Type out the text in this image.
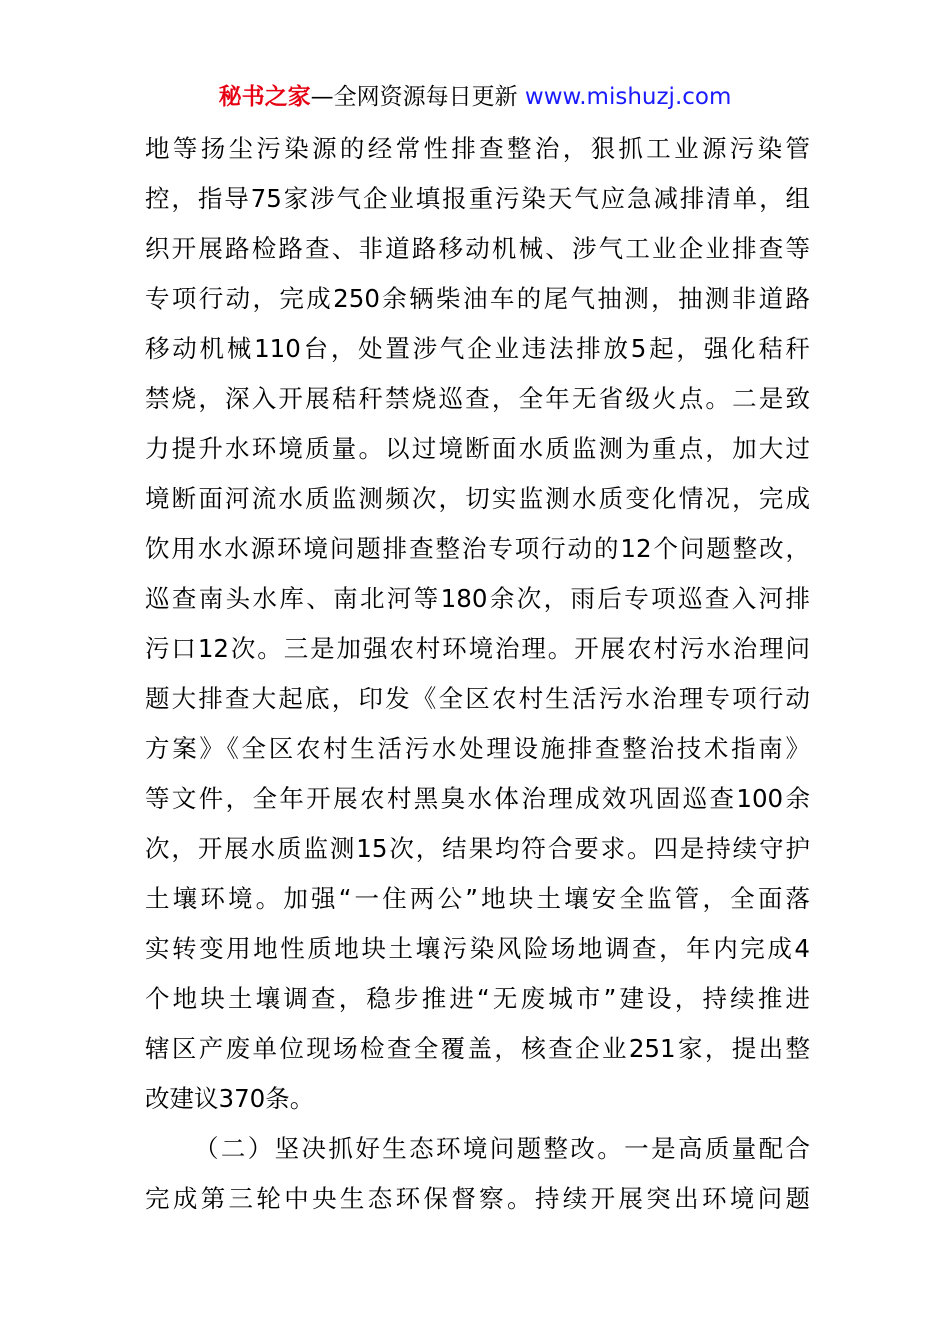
秘书之家—全网资源每日更新 www.mishuzj.com
地等扬尘污染源的经常性排查整治，狠抓工业源污染管
控，指导75家涉气企业填报重污染天气应急减排清单，组
织开展路检路查、非道路移动机械、涉气工业企业排查等
专项行动，完成250余辆柴油车的尾气抽测，抽测非道路
移动机械110台，处置涉气企业违法排放5起，强化秸秆
禁烧，深入开展秸秆禁烧巡查，全年无省级火点。二是致
力提升水环境质量。以过境断面水质监测为重点，加大过
境断面河流水质监测频次，切实监测水质变化情况，完成
饮用水水源环境问题排查整治专项行动的12个问题整改，
巡查南头水库、南北河等180余次，雨后专项巡查入河排
污口12次。三是加强农村环境治理。开展农村污水治理问
题大排查大起底，印发《全区农村生活污水治理专项行动
方案》《全区农村生活污水处理设施排查整治技术指南》
等文件，全年开展农村黑臭水体治理成效巩固巡查100余
次，开展水质监测15次，结果均符合要求。四是持续守护
土壤环境。加强“一住两公”地块土壤安全监管，全面落
实转变用地性质地块土壤污染风险场地调查，年内完成4
个地块土壤调查，稳步推进“无废城市”建设，持续推进
辖区产废单位现场检查全覆盖，核查企业251家，提出整
改建议370条。
（二）坚决抓好生态环境问题整改。一是高质量配合
完成第三轮中央生态环保督察。持续开展突出环境问题
